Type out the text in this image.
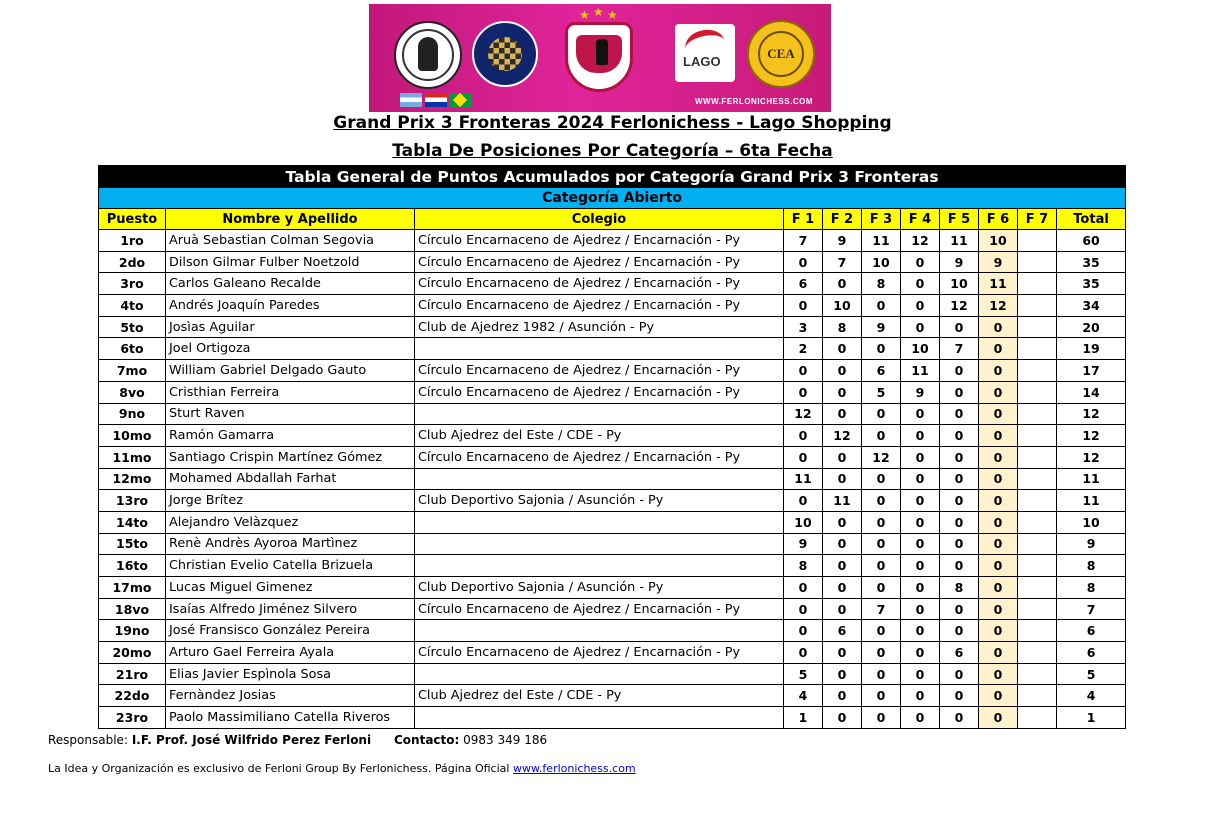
★ ★ ★
LAGO
CEA
WWW.FERLONICHESS.COM
Grand Prix 3 Fronteras 2024 Ferlonichess - Lago Shopping
Tabla De Posiciones Por Categoría – 6ta Fecha
Tabla General de Puntos Acumulados por Categoría Grand Prix 3 Fronteras										
Categoría Abierto										
Puesto	Nombre y Apellido	Colegio	F 1	F 2	F 3	F 4	F 5	F 6	F 7	Total
1ro	Aruà Sebastian Colman Segovia	Círculo Encarnaceno de Ajedrez / Encarnación - Py	7	9	11	12	11	10		60
2do	Dilson Gilmar Fulber Noetzold	Círculo Encarnaceno de Ajedrez / Encarnación - Py	0	7	10	0	9	9		35
3ro	Carlos Galeano Recalde	Círculo Encarnaceno de Ajedrez / Encarnación - Py	6	0	8	0	10	11		35
4to	Andrés Joaquín Paredes	Círculo Encarnaceno de Ajedrez / Encarnación - Py	0	10	0	0	12	12		34
5to	Josìas Aguilar	Club de Ajedrez 1982 / Asunción - Py	3	8	9	0	0	0		20
6to	Joel Ortigoza		2	0	0	10	7	0		19
7mo	William Gabriel Delgado Gauto	Círculo Encarnaceno de Ajedrez / Encarnación - Py	0	0	6	11	0	0		17
8vo	Cristhian Ferreira	Círculo Encarnaceno de Ajedrez / Encarnación - Py	0	0	5	9	0	0		14
9no	Sturt Raven		12	0	0	0	0	0		12
10mo	Ramón Gamarra	Club Ajedrez del Este / CDE - Py	0	12	0	0	0	0		12
11mo	Santiago Crispin Martínez Gómez	Círculo Encarnaceno de Ajedrez / Encarnación - Py	0	0	12	0	0	0		12
12mo	Mohamed Abdallah Farhat		11	0	0	0	0	0		11
13ro	Jorge Brítez	Club Deportivo Sajonia / Asunción - Py	0	11	0	0	0	0		11
14to	Alejandro Velàzquez		10	0	0	0	0	0		10
15to	Renè Andrès Ayoroa Martìnez		9	0	0	0	0	0		9
16to	Christian Evelio Catella Brizuela		8	0	0	0	0	0		8
17mo	Lucas Miguel Gimenez	Club Deportivo Sajonia / Asunción - Py	0	0	0	0	8	0		8
18vo	Isaías Alfredo Jiménez Silvero	Círculo Encarnaceno de Ajedrez / Encarnación - Py	0	0	7	0	0	0		7
19no	José Fransisco González Pereira		0	6	0	0	0	0		6
20mo	Arturo Gael Ferreira Ayala	Círculo Encarnaceno de Ajedrez / Encarnación - Py	0	0	0	0	6	0		6
21ro	Elias Javier Espìnola Sosa		5	0	0	0	0	0		5
22do	Fernàndez Josias	Club Ajedrez del Este / CDE - Py	4	0	0	0	0	0		4
23ro	Paolo Massimiliano Catella Riveros		1	0	0	0	0	0		1
Responsable: I.F. Prof. José Wilfrido Perez Ferloni Contacto: 0983 349 186
La Idea y Organización es exclusivo de Ferloni Group By Ferlonichess. Página Oficial www.ferlonichess.com
